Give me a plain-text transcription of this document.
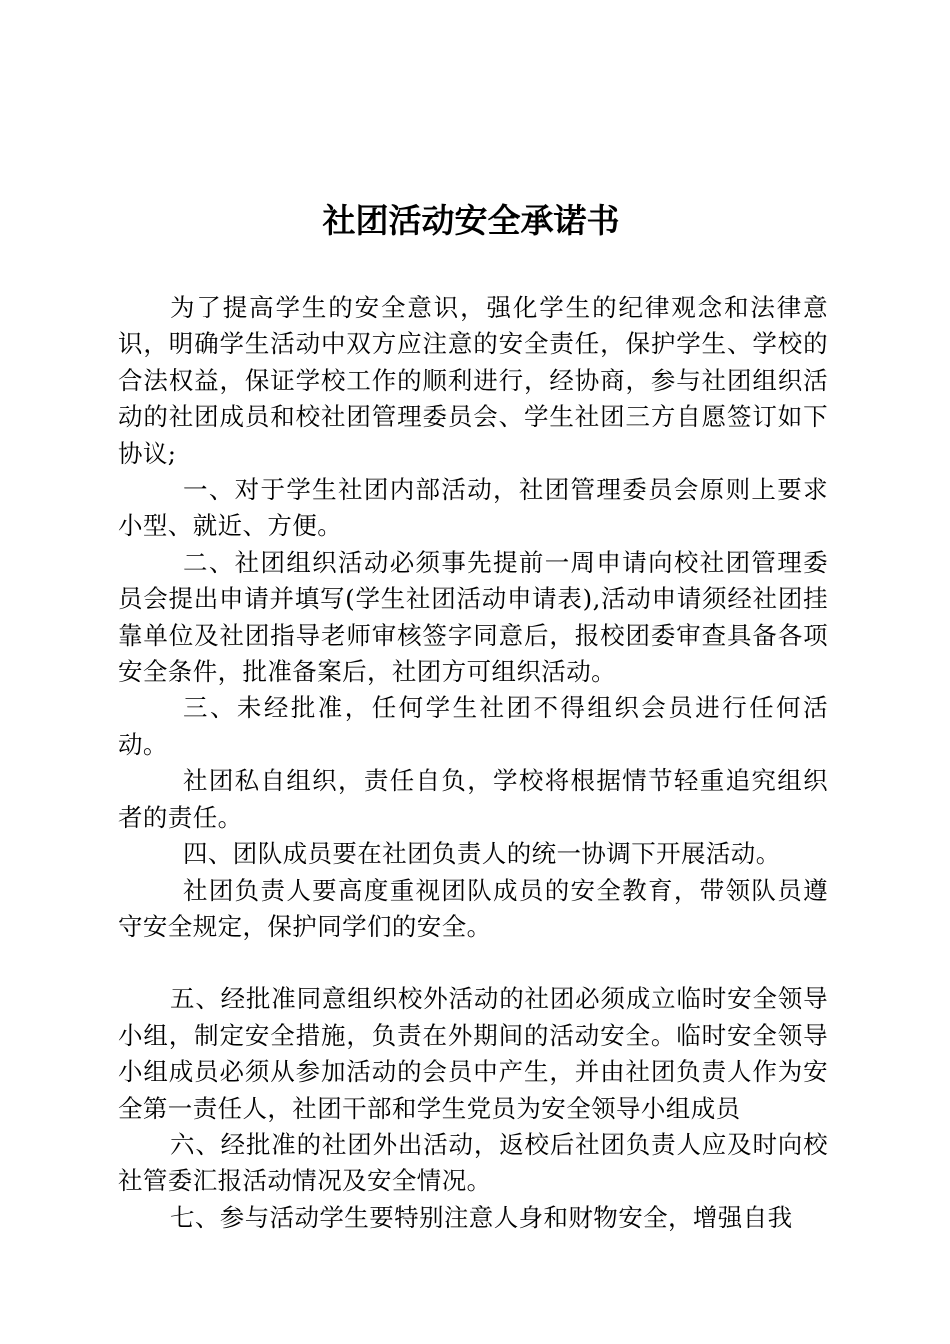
社团活动安全承诺书

为了提高学生的安全意识，强化学生的纪律观念和法律意识，明确学生活动中双方应注意的安全责任，保护学生、学校的合法权益，保证学校工作的顺利进行，经协商，参与社团组织活动的社团成员和校社团管理委员会、学生社团三方自愿签订如下协议;

一、对于学生社团内部活动，社团管理委员会原则上要求小型、就近、方便。

二、社团组织活动必须事先提前一周申请向校社团管理委员会提出申请并填写(学生社团活动申请表),活动申请须经社团挂靠单位及社团指导老师审核签字同意后，报校团委审查具备各项安全条件，批准备案后，社团方可组织活动。

三、未经批准，任何学生社团不得组织会员进行任何活动。

社团私自组织，责任自负，学校将根据情节轻重追究组织者的责任。

四、团队成员要在社团负责人的统一协调下开展活动。

社团负责人要高度重视团队成员的安全教育，带领队员遵守安全规定，保护同学们的安全。

五、经批准同意组织校外活动的社团必须成立临时安全领导小组，制定安全措施，负责在外期间的活动安全。临时安全领导小组成员必须从参加活动的会员中产生，并由社团负责人作为安全第一责任人，社团干部和学生党员为安全领导小组成员

六、经批准的社团外出活动，返校后社团负责人应及时向校社管委汇报活动情况及安全情况。

七、参与活动学生要特别注意人身和财物安全，增强自我
